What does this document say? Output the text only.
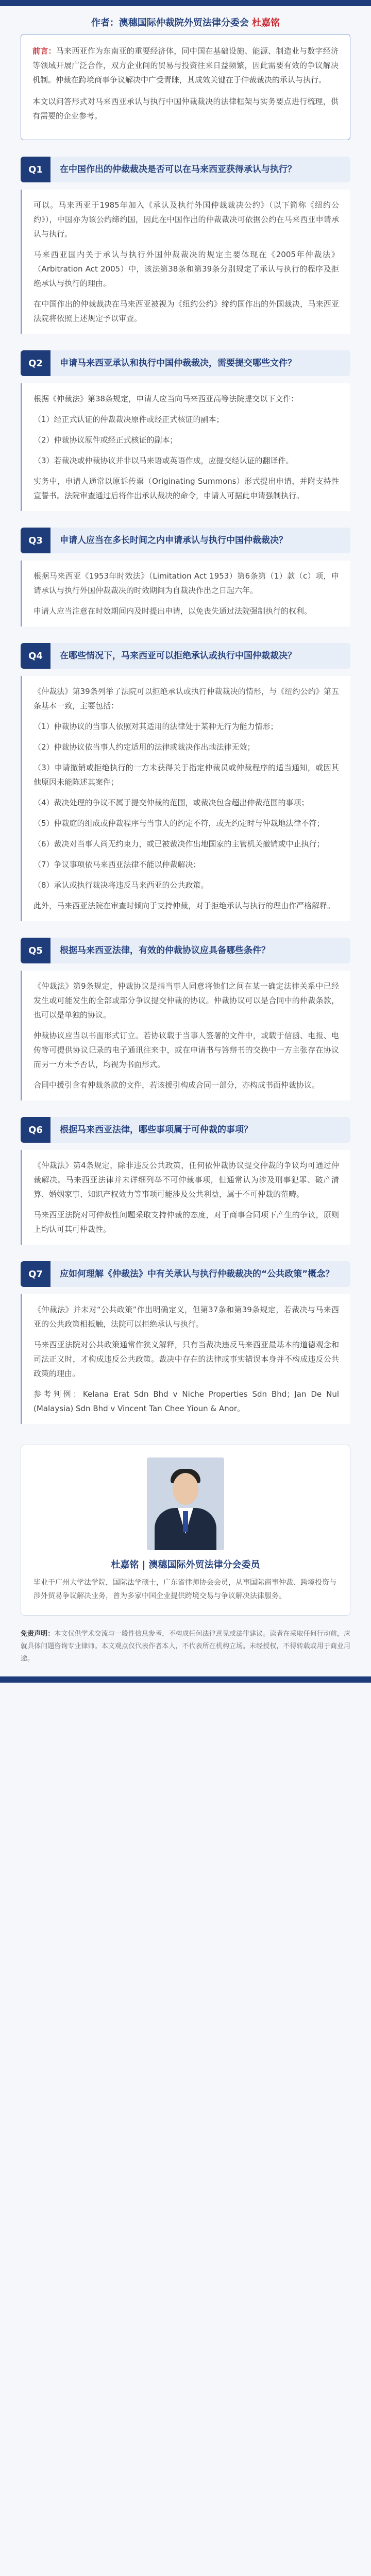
作者：澳穗国际仲裁院外贸法律分委会 杜嘉铭

前言：马来西亚作为东南亚的重要经济体，同中国在基础设施、能源、制造业与数字经济等领域开展广泛合作，双方企业间的贸易与投资往来日益频繁，因此需要有效的争议解决机制。仲裁在跨境商事争议解决中广受青睐，其成效关键在于仲裁裁决的承认与执行。

本文以问答形式对马来西亚承认与执行中国仲裁裁决的法律框架与实务要点进行梳理，供有需要的企业参考。

Q1	在中国作出的仲裁裁决是否可以在马来西亚获得承认与执行？

可以。马来西亚于1985年加入《承认及执行外国仲裁裁决公约》（以下简称《纽约公约》），中国亦为该公约缔约国，因此在中国作出的仲裁裁决可依据公约在马来西亚申请承认与执行。

马来西亚国内关于承认与执行外国仲裁裁决的规定主要体现在《2005年仲裁法》（Arbitration Act 2005）中，该法第38条和第39条分别规定了承认与执行的程序及拒绝承认与执行的理由。

在中国作出的仲裁裁决在马来西亚被视为《纽约公约》缔约国作出的外国裁决，马来西亚法院将依照上述规定予以审查。

Q2	申请马来西亚承认和执行中国仲裁裁决，需要提交哪些文件？

根据《仲裁法》第38条规定，申请人应当向马来西亚高等法院提交以下文件：

（1）经正式认证的仲裁裁决原件或经正式核证的副本；

（2）仲裁协议原件或经正式核证的副本；

（3）若裁决或仲裁协议并非以马来语或英语作成，应提交经认证的翻译件。

实务中，申请人通常以原诉传票（Originating Summons）形式提出申请，并附支持性宣誓书。法院审查通过后将作出承认裁决的命令，申请人可据此申请强制执行。

Q3	申请人应当在多长时间之内申请承认与执行中国仲裁裁决？

根据马来西亚《1953年时效法》（Limitation Act 1953）第6条第（1）款（c）项，申请承认与执行外国仲裁裁决的时效期间为自裁决作出之日起六年。

申请人应当注意在时效期间内及时提出申请，以免丧失通过法院强制执行的权利。

Q4	在哪些情况下，马来西亚可以拒绝承认或执行中国仲裁裁决？

《仲裁法》第39条列举了法院可以拒绝承认或执行仲裁裁决的情形，与《纽约公约》第五条基本一致，主要包括：

（1）仲裁协议的当事人依照对其适用的法律处于某种无行为能力情形；

（2）仲裁协议依当事人约定适用的法律或裁决作出地法律无效；

（3）申请撤销或拒绝执行的一方未获得关于指定仲裁员或仲裁程序的适当通知，或因其他原因未能陈述其案件；

（4）裁决处理的争议不属于提交仲裁的范围，或裁决包含超出仲裁范围的事项；

（5）仲裁庭的组成或仲裁程序与当事人的约定不符，或无约定时与仲裁地法律不符；

（6）裁决对当事人尚无约束力，或已被裁决作出地国家的主管机关撤销或中止执行；

（7）争议事项依马来西亚法律不能以仲裁解决；

（8）承认或执行裁决将违反马来西亚的公共政策。

此外，马来西亚法院在审查时倾向于支持仲裁，对于拒绝承认与执行的理由作严格解释。

Q5	根据马来西亚法律，有效的仲裁协议应具备哪些条件？

《仲裁法》第9条规定，仲裁协议是指当事人同意将他们之间在某一确定法律关系中已经发生或可能发生的全部或部分争议提交仲裁的协议。仲裁协议可以是合同中的仲裁条款，也可以是单独的协议。

仲裁协议应当以书面形式订立。若协议载于当事人签署的文件中，或载于信函、电报、电传等可提供协议记录的电子通讯往来中，或在申请书与答辩书的交换中一方主张存在协议而另一方未予否认，均视为书面形式。

合同中援引含有仲裁条款的文件，若该援引构成合同一部分，亦构成书面仲裁协议。

Q6	根据马来西亚法律，哪些事项属于可仲裁的事项？

《仲裁法》第4条规定，除非违反公共政策，任何依仲裁协议提交仲裁的争议均可通过仲裁解决。马来西亚法律并未详细列举不可仲裁事项，但通常认为涉及刑事犯罪、破产清算、婚姻家事、知识产权效力等事项可能涉及公共利益，属于不可仲裁的范畴。

马来西亚法院对可仲裁性问题采取支持仲裁的态度，对于商事合同项下产生的争议，原则上均认可其可仲裁性。

Q7	应如何理解《仲裁法》中有关承认与执行仲裁裁决的“公共政策”概念？

《仲裁法》并未对“公共政策”作出明确定义，但第37条和第39条规定，若裁决与马来西亚的公共政策相抵触，法院可以拒绝承认与执行。

马来西亚法院对公共政策通常作狭义解释，只有当裁决违反马来西亚最基本的道德观念和司法正义时，才构成违反公共政策。裁决中存在的法律或事实错误本身并不构成违反公共政策的理由。

参考判例：Kelana Erat Sdn Bhd v Niche Properties Sdn Bhd；Jan De Nul (Malaysia) Sdn Bhd v Vincent Tan Chee Yioun & Anor。

杜嘉铭 | 澳穗国际外贸法律分会委员
毕业于广州大学法学院，国际法学硕士，广东省律师协会会员，从事国际商事仲裁、跨境投资与涉外贸易争议解决业务，曾为多家中国企业提供跨境交易与争议解决法律服务。
免责声明：本文仅供学术交流与一般性信息参考，不构成任何法律意见或法律建议。读者在采取任何行动前，应就具体问题咨询专业律师。本文观点仅代表作者本人，不代表所在机构立场。未经授权，不得转载或用于商业用途。
